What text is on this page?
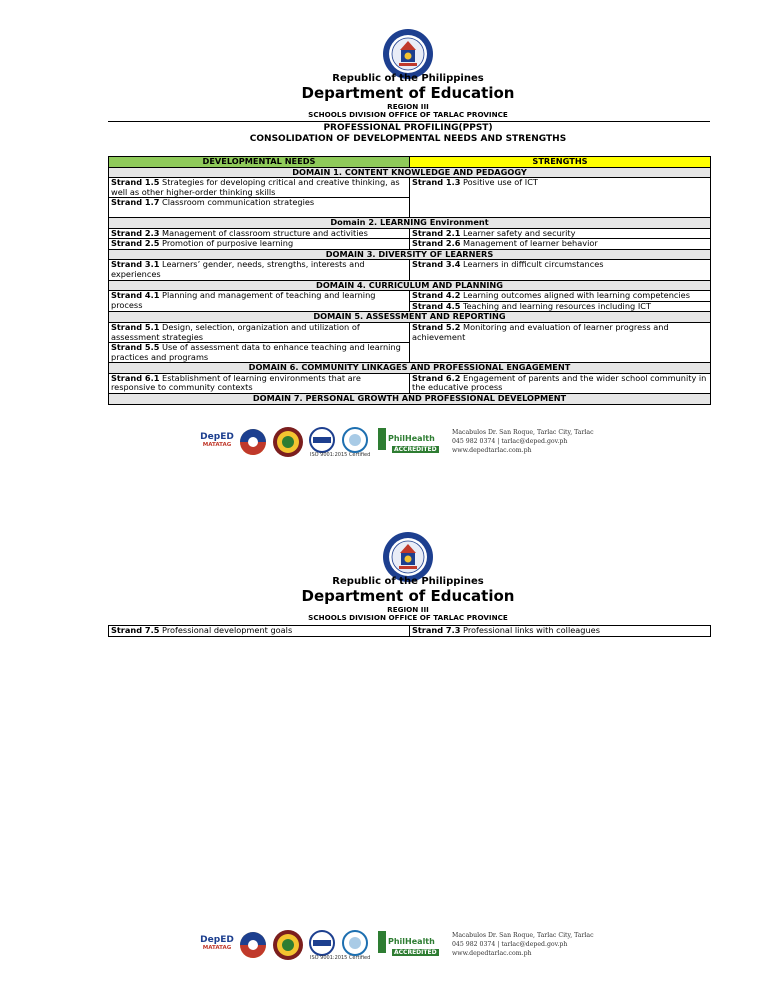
Republic of the Philippines
Department of Education
REGION III
SCHOOLS DIVISION OFFICE OF TARLAC PROVINCE
PROFESSIONAL PROFILING(PPST)
CONSOLIDATION OF DEVELOPMENTAL NEEDS AND STRENGTHS
DEVELOPMENTAL NEEDS	STRENGTHS
DOMAIN 1. CONTENT KNOWLEDGE AND PEDAGOGY	
Strand 1.5 Strategies for developing critical and creative thinking, as well as other higher-order thinking skills	Strand 1.3 Positive use of ICT
Strand 1.7 Classroom communication strategies	

Domain 2. LEARNING Environment	
Strand 2.3 Management of classroom structure and activities	Strand 2.1 Learner safety and security
Strand 2.5 Promotion of purposive learning	Strand 2.6 Management of learner behavior
DOMAIN 3. DIVERSITY OF LEARNERS	
Strand 3.1 Learners’ gender, needs, strengths, interests and experiences	Strand 3.4 Learners in difficult circumstances
DOMAIN 4. CURRICULUM AND PLANNING	
Strand 4.1 Planning and management of teaching and learning process	Strand 4.2 Learning outcomes aligned with learning competencies
	Strand 4.5 Teaching and learning resources including ICT
DOMAIN 5. ASSESSMENT AND REPORTING	
Strand 5.1 Design, selection, organization and utilization of assessment strategies	Strand 5.2 Monitoring and evaluation of learner progress and achievement
Strand 5.5 Use of assessment data to enhance teaching and learning practices and programs	
DOMAIN 6. COMMUNITY LINKAGES AND PROFESSIONAL ENGAGEMENT	
Strand 6.1 Establishment of learning environments that are responsive to community contexts	Strand 6.2 Engagement of parents and the wider school community in the educative process
DOMAIN 7. PERSONAL GROWTH AND PROFESSIONAL DEVELOPMENT	
DepED
MATATAG
ISO 9001:2015 Certified
PhilHealth
ACCREDITED
Macabulos Dr. San Roque, Tarlac City, Tarlac
045 982 0374 | tarlac@deped.gov.ph
www.depedtarlac.com.ph
Republic of the Philippines
Department of Education
REGION III
SCHOOLS DIVISION OFFICE OF TARLAC PROVINCE
Strand 7.5 Professional development goals	Strand 7.3 Professional links with colleagues
DepED
MATATAG
ISO 9001:2015 Certified
PhilHealth
ACCREDITED
Macabulos Dr. San Roque, Tarlac City, Tarlac
045 982 0374 | tarlac@deped.gov.ph
www.depedtarlac.com.ph
